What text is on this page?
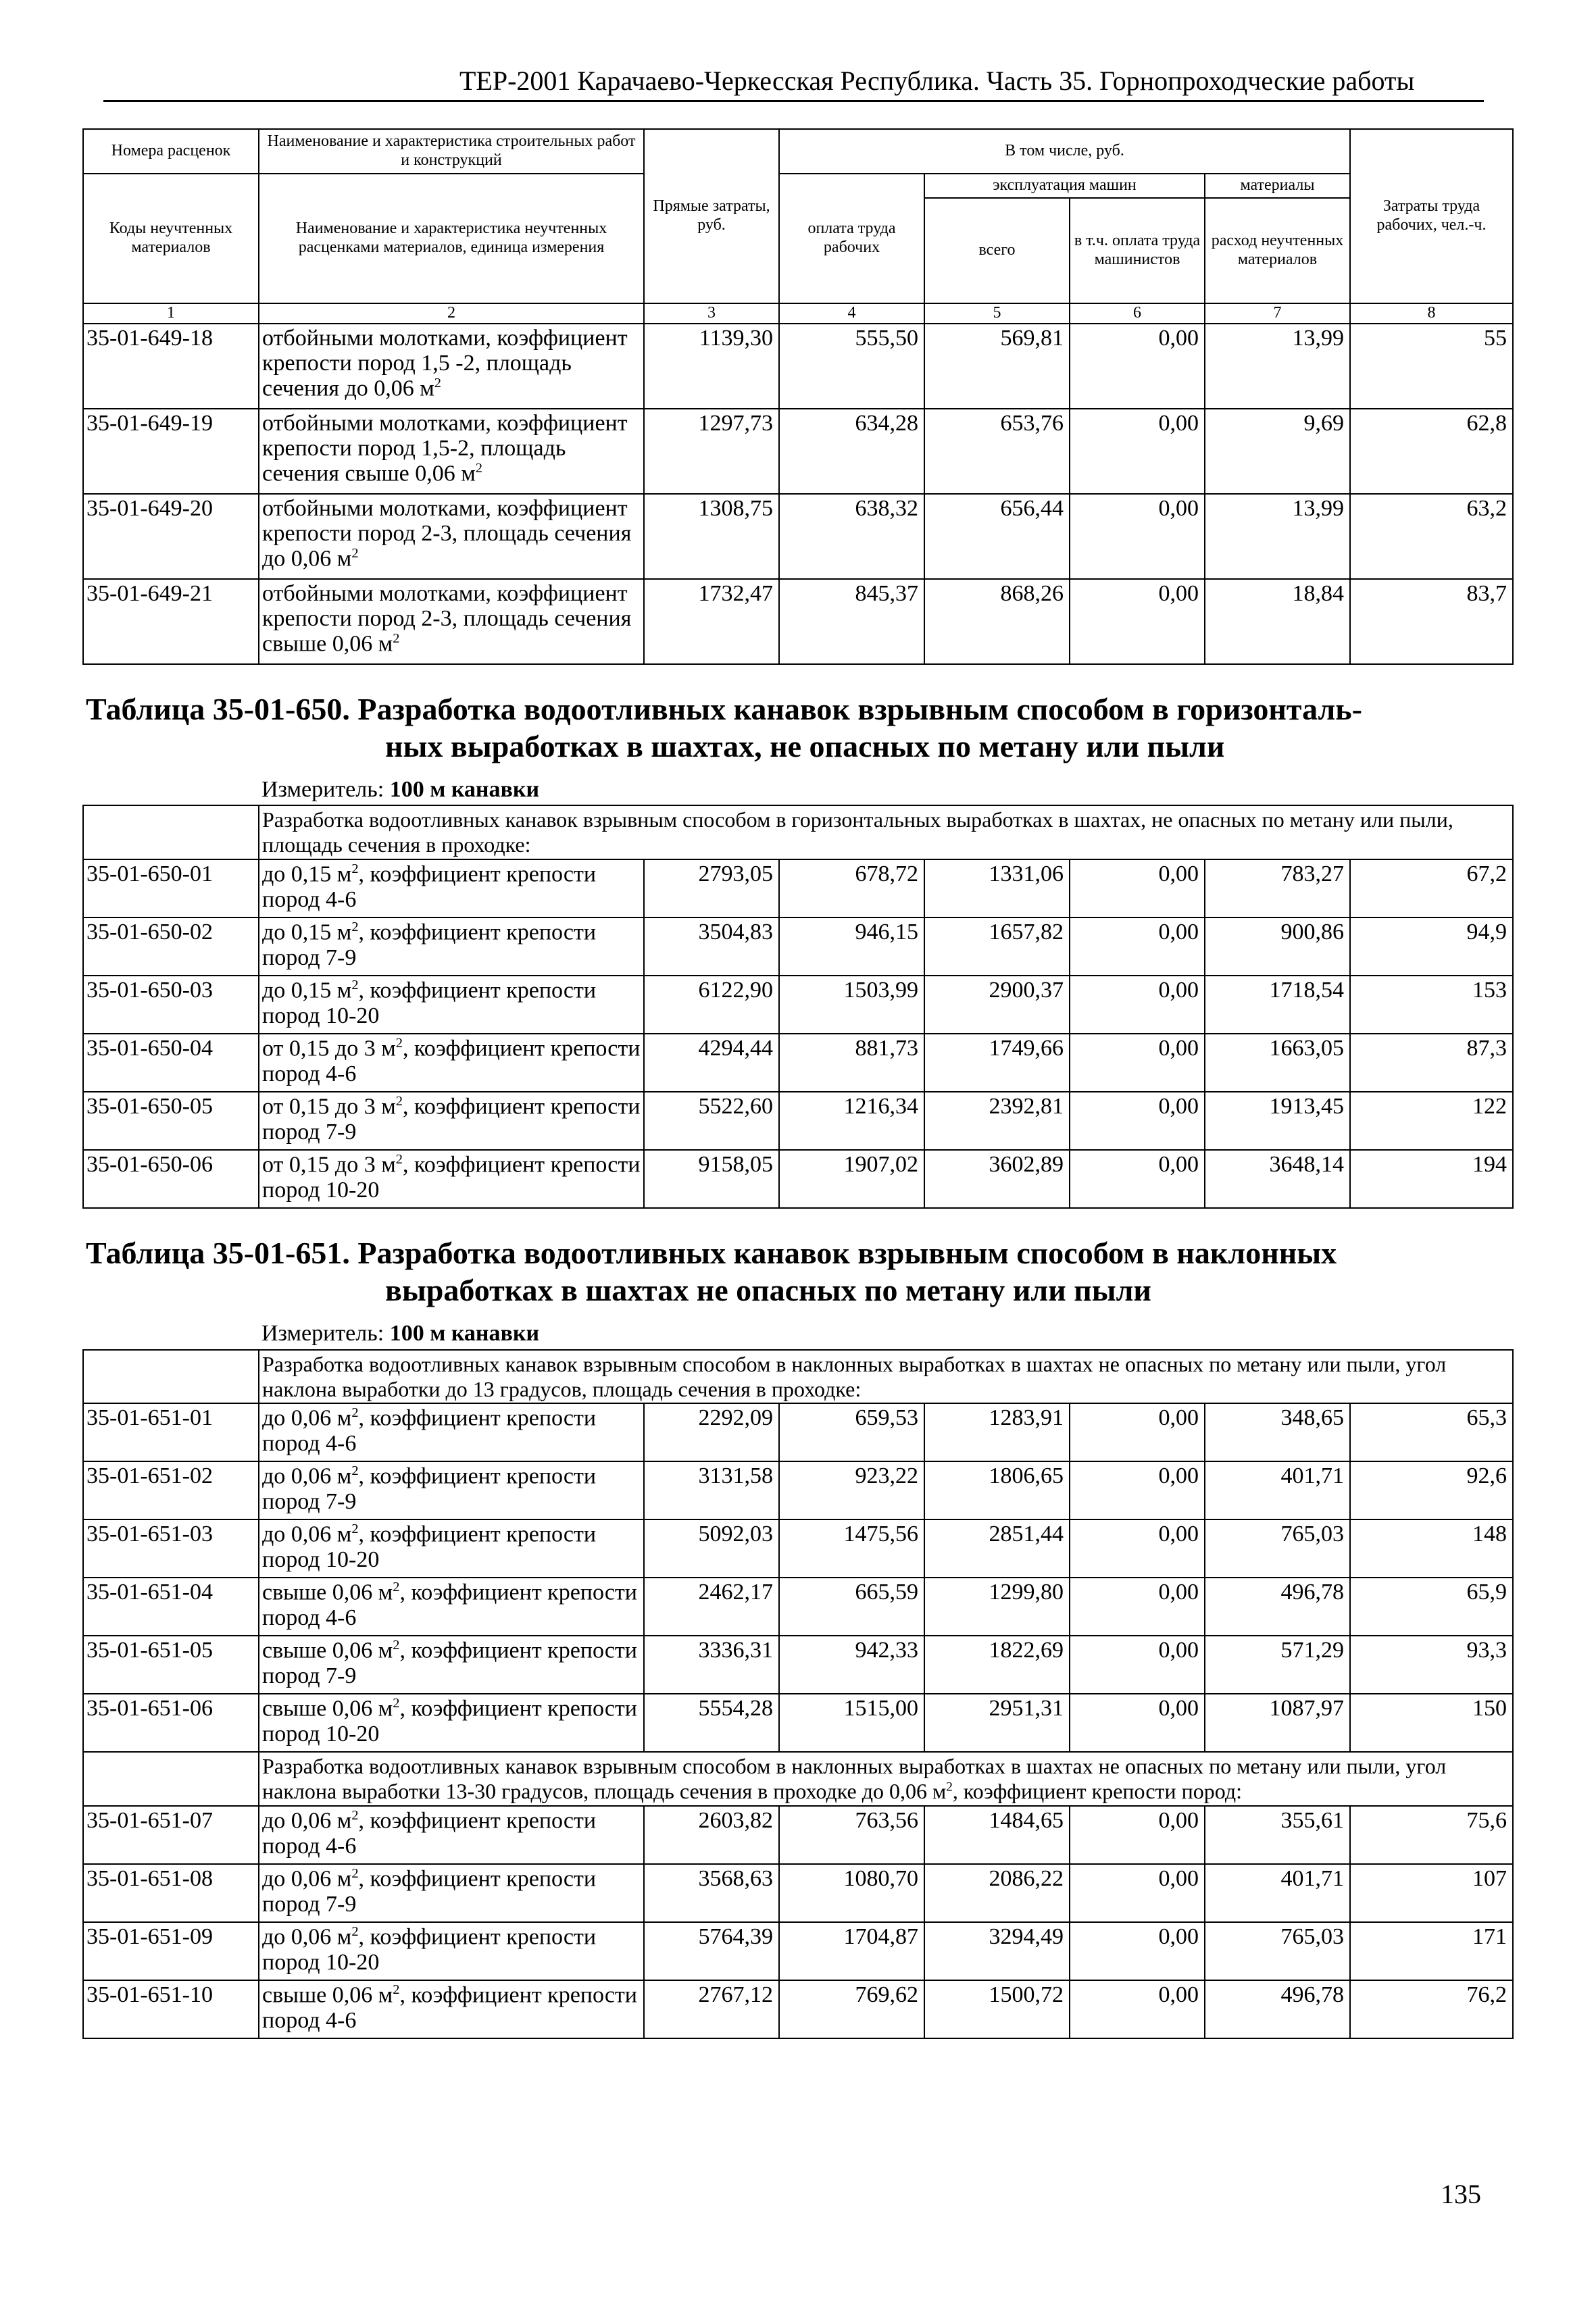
ТЕР-2001 Карачаево-Черкесская Республика. Часть 35. Горнопроходческие работы
Номера расценок	Наименование и характеристика строительных работ и конструкций	Прямые затраты, руб.	В том числе, руб.				Затраты труда рабочих, чел.-ч.
Коды неучтенных материалов	Наименование и характеристика неучтенных расценками материалов, единица измерения		оплата труда рабочих	эксплуатация машин		материалы	
				всего	в т.ч. оплата труда машинистов	расход неучтенных материалов	
1	2	3	4	5	6	7	8
35-01-649-18	отбойными молотками, коэффициент крепости пород 1,5 -2, площадь сечения до 0,06 $м^2$	1139,30	555,50	569,81	0,00	13,99	55
35-01-649-19	отбойными молотками, коэффициент крепости пород 1,5-2, площадь сечения свыше 0,06 $м^2$	1297,73	634,28	653,76	0,00	9,69	62,8
35-01-649-20	отбойными молотками, коэффициент крепости пород 2-3, площадь сечения до 0,06 $м^2$	1308,75	638,32	656,44	0,00	13,99	63,2
35-01-649-21	отбойными молотками, коэффициент крепости пород 2-3, площадь сечения свыше 0,06 $м^2$	1732,47	845,37	868,26	0,00	18,84	83,7

Таблица 35-01-650. Разработка водоотливных канавок взрывным способом в горизонталь-
ных выработках в шахтах, не опасных по метану или пыли
Измеритель: 100 м канавки							

	Разработка водоотливных канавок взрывным способом в горизонтальных выработках в шахтах, не опасных по метану или пыли, площадь сечения в проходке:						
35-01-650-01	до 0,15 $м^2$, коэффициент крепости пород 4-6	2793,05	678,72	1331,06	0,00	783,27	67,2
35-01-650-02	до 0,15 $м^2$, коэффициент крепости пород 7-9	3504,83	946,15	1657,82	0,00	900,86	94,9
35-01-650-03	до 0,15 $м^2$, коэффициент крепости пород 10-20	6122,90	1503,99	2900,37	0,00	1718,54	153
35-01-650-04	от 0,15 до 3 $м^2$, коэффициент крепости пород 4-6	4294,44	881,73	1749,66	0,00	1663,05	87,3
35-01-650-05	от 0,15 до 3 $м^2$, коэффициент крепости пород 7-9	5522,60	1216,34	2392,81	0,00	1913,45	122
35-01-650-06	от 0,15 до 3 $м^2$, коэффициент крепости пород 10-20	9158,05	1907,02	3602,89	0,00	3648,14	194

Таблица 35-01-651. Разработка водоотливных канавок взрывным способом в наклонных
выработках в шахтах не опасных по метану или пыли
Измеритель: 100 м канавки							

	Разработка водоотливных канавок взрывным способом в наклонных выработках в шахтах не опасных по метану или пыли, угол наклона выработки до 13 градусов, площадь сечения в проходке:						
35-01-651-01	до 0,06 $м^2$, коэффициент крепости пород 4-6	2292,09	659,53	1283,91	0,00	348,65	65,3
35-01-651-02	до 0,06 $м^2$, коэффициент крепости пород 7-9	3131,58	923,22	1806,65	0,00	401,71	92,6
35-01-651-03	до 0,06 $м^2$, коэффициент крепости пород 10-20	5092,03	1475,56	2851,44	0,00	765,03	148
35-01-651-04	свыше 0,06 $м^2$, коэффициент крепости пород 4-6	2462,17	665,59	1299,80	0,00	496,78	65,9
35-01-651-05	свыше 0,06 $м^2$, коэффициент крепости пород 7-9	3336,31	942,33	1822,69	0,00	571,29	93,3
35-01-651-06	свыше 0,06 $м^2$, коэффициент крепости пород 10-20	5554,28	1515,00	2951,31	0,00	1087,97	150
	Разработка водоотливных канавок взрывным способом в наклонных выработках в шахтах не опасных по метану или пыли, угол наклона выработки 13-30 градусов, площадь сечения в проходке до 0,06 $м^2$, коэффициент крепости пород:						
35-01-651-07	до 0,06 $м^2$, коэффициент крепости пород 4-6	2603,82	763,56	1484,65	0,00	355,61	75,6
35-01-651-08	до 0,06 $м^2$, коэффициент крепости пород 7-9	3568,63	1080,70	2086,22	0,00	401,71	107
35-01-651-09	до 0,06 $м^2$, коэффициент крепости пород 10-20	5764,39	1704,87	3294,49	0,00	765,03	171
35-01-651-10	свыше 0,06 $м^2$, коэффициент крепости пород 4-6	2767,12	769,62	1500,72	0,00	496,78	76,2
135
